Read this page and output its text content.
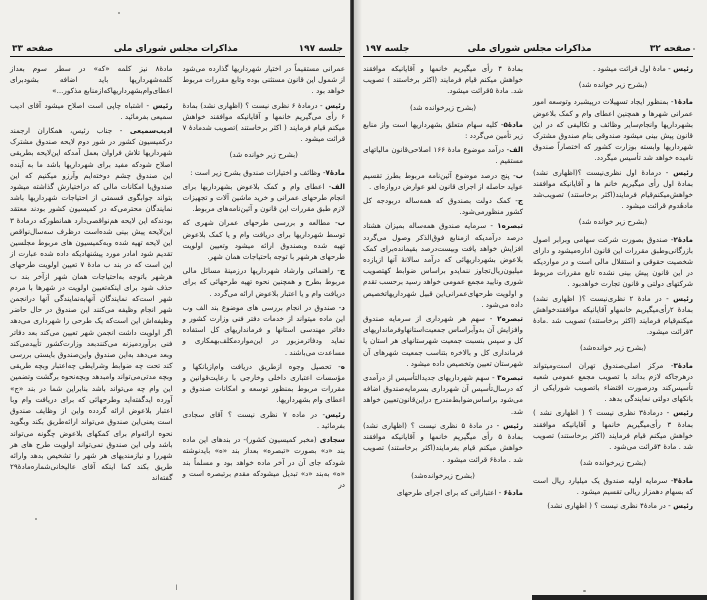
جلسه ۱۹۷
مذاکرات مجلس شورای ملی
صفحه ۳۳

عمرانی مستقیماً در اختیار شهرداریها گذارده می‌شود از شمول این قانون مستثنی بوده وتابع مقررات مربوط خواهد بود .

رئیس - درمادهٔ ۶ نظری نیست ؟ (اظهاری نشد) بمادهٔ ۶ رأی می‌گیریم خانمها و آقایانیکه موافقند خواهش میکنم قیام فرمایند ( اکثر برخاستند )تصویب شدمادهٔ ۷ قرائت میشود .

(بشرح زیر خوانده شد)

مادهٔ۷- وظائف و اختیارات صندوق بشرح زیر است :

الف- اعطای وام و کمک بلاعوض بشهرداریها برای انجام طرحهای عمرانی و خرید ماشین آلات و تجهیزات لازم طبق مقررات این قانون و آئین‌نامه‌های مربوط.

ب- مطالعه و بررسی طرحهای عمران شهری که توسط شهرداریها برای دریافت وام و یا کمک بلاعوض تهیه شده وبصندوق ارائه میشود وتعیین اولویت طرحهای هرشهر با توجه باحتیاجات همان شهر.

ج- راهنمائی وارشاد شهرداریها درزمینهٔ مسائل مالی مربوط بطرح و همچنین نحوه تهیه طرحهائی که برای دریافت وام و یا اعتبار بلاعوض ارائه می‌گردد .

د- صندوق در انجام بررسی های موضوع بند الف وب این ماده میتواند از خدمات دفتر فنی وزارت کشور و دفاتر مهندسی استانها و فرمانداریهای کل استفاده نماید ودفاترمزبور در این‌مواردمکلف‌بهمکاری و مساعدت می‌باشند .

ه- تحصیل وجوه ازطریق دریافت وام‌ازبانکها و مؤسسات اعتباری داخلی وخارجی با رعایت‌قوانین و مقررات مربوط بمنظور توسعه و امکانات صندوق و اعطای وام بشهرداریها.

رئیس- در ماده ۷ نظری نیست ؟ آقای سجادی بفرمائید .

سجادی (مخبر کمیسیون کشور)- در بندهای این ماده بند «د» بصورت «تبصره» بعداز بند «ه» بایدنوشته شودکه جای آن در آخر ماده خواهد بود و مسلماً بند «ه» به‌بند «د» تبدیل میشودکه مقدم برتبصره است و در

مادهٔ۸ نیز کلمه «که» در سطر سوم بعداز کلمه‌شهرداریها باید اضافه بشودبرای اعطای‌وام‌بشهرداریهاکه‌ازمنابع مذکور...»

رئیس - اشتباه چاپی است اصلاح میشود آقای ادیب سمیعی بفرمائید .

ادیب‌سمیعی - جناب رئیس، همکاران ارجمند درکمیسیون کشور در شور دوم لایحه صندوق مشترک شهرداریها تلاش فراوان بعمل آمدکه این‌لایحه بطریقی اصلاح شودکه مفید برای شهرداریها باشد ما به آینده این صندوق چشم دوخته‌ایم وآرزو میکنیم که این صندوق‌با امکانات مالی که دراختیارش گذاشته میشود بتواند جوابگوی قسمتی از احتیاجات شهرداریها باشد نمایندگان محترمی‌که در کمیسیون کشور بودند معتقد بودندکه این لایحه هم‌نواقصی‌دارد همانطورکه درمادهٔ ۳ این‌لایحه پیش بینی شده‌است درظرف سه‌سال‌نواقص این لایحه تهیه شده وبه‌کمیسیون های مربوط مجلسین تقدیم شود امادر مورد پیشنهادیکه داده شده عبارت از این است که در بند ب مادهٔ ۷ تعیین اولویت طرحهای هرشهر باتوجه به‌احتیاجات همان شهر ازآخر بند ب حذف شود برای اینکه‌تعیین اولویت در شهرها با مردم شهر است‌که نمایندگان آنهابه‌نمایندگی آنها درانجمن شهر انجام وظیفه می‌کنند این صندوق در حال حاضر وظیفه‌اش این است‌که یک طرحی را شهرداری می‌دهد اگر اولویت داشت انجمن شهر تعیین می‌کند بعد دفاتر فنی برآوردمیزنه می‌کنندبعد وزارت‌کشور تأییدمی‌کند وبعد می‌دهد به‌این صندوق واین‌صندوق بایستی بررسی کند تحت چه ضوابط وشرایطی چه‌اعتبار وبچه طریقی وبچه مدتی‌می‌تواند وامبدهد وبچه‌نحوه برگشت وتضمین این وام چه می‌تواند باشد بنابراین شما در بند «ج» آورده ایدگفته‌اید وطرحهائی که برای دریافت وام وبا اعتبار بلاعوض ارائه گردده واین از وظایف صندوق است یعنی‌این صندوق می‌تواند ارائه‌طریق بکند وبگوید نحوه ارائه‌وام برای کمکهای بلاعوض چگونه می‌تواند باشد ولی این صندوق نمی‌تواند اولویت طرح های هر شهررا و نیازمندیهای هر شهر را تشخیص بدهد وارائه طریق بکند کما اینکه آقای عالیخانی‌شماره‌مادهٔ۲۹ گفته‌اند

ا
صفحه ۳۲
مذاکرات مجلس شورای ملی
جلسه ۱۹۷

رئیس - مادهٔ اول قرائت میشود .

(بشرح زیر خوانده شد)

مادهٔ۱- بمنظور ایجاد تسهیلات درپیشبرد وتوسعه امور عمرانی شهرها و همچنین اعطای وام و کمک بلاعوض بشهرداریها وانجام‌سایر وظائف و تکالیفی که در این قانون پیش بینی میشود صندوقی بنام صندوق مشترک شهرداریها وابسته بوزارت کشور که اختصاراً صندوق نامیده خواهد شد تأسیس میگردد.

رئیس - درمادهٔ اول نظری‌نیست ؟(اظهاری نشد) بمادهٔ اول رأی میگیریم خانم ها و آقایانیکه موافقند خواهش‌میکنم‌قیام فرمایند(اکثر برخاستند) تصویب‌شد مادهٔدوم قرائت میشود .

(بشرح زیر خوانده شد)

مادهٔ۲- صندوق بصورت شرکت سهامی وبرابر اصول بازرگانی‌وطبق مقررات این قانون اداره‌میشود و دارای شخصیت حقوقی و استقلال مالی است و در مواردیکه در این قانون پیش بینی نشده تابع مقررات مربوط شرکتهای دولتی و قانون تجارت خواهدبود .

رئیس - در مادهٔ ۲ نظری‌نیست ؟( اظهاری نشد) بمادهٔ ۲رأی‌میگیریم خانمهاو آقایانیکه موافقندخواهش میکنم‌قیام فرمایند (اکثر برخاستند) تصویب شد .مادهٔ ۳قرائت میشود.

(بشرح زیر خوانده‌شد)

مادهٔ۳- مرکز اصلی‌صندوق تهران است‌ومیتواند درهرجاکه لازم بداند با تصویب مجمع عمومی شعبه تأسیس‌کند ودرصورت اقتضاء باتصویب شورایکی از بانکهای دولتی نمایندگی بدهد .

رئیس - درمادهٔ۳ نظری نیست ؟ ( اظهاری نشد ) بمادهٔ ۳ رأی‌میگیریم خانمها و آقایانیکه موافقند خواهش میکنم قیام فرمایند (اکثر برخاستند) تصویب شد . مادهٔ ۴قرائت می‌شود .

(بشرح زیرخوانده شد)

مادهٔ۴- سرمایه اولیه صندوق یک میلیارد ریال است که بسهام دهمزار ریالی تقسیم میشود .

رئیس - در مادهٔ۴ نظری نیست ؟ ( اظهاری نشد)

بمادهٔ ۴ رأی میگیریم خانمها و آقایانیکه موافقند خواهش میکنم قیام فرمایند (اکثر برخاستند ) تصویب شد. مادهٔ ۵قرائت میشود.

(بشرح زیرخوانده شد)

مادهٔ۵- کلیه سهام متعلق بشهرداریها است واز منابع زیر تأمین می‌گردد :

الف- درآمد موضوع مادهٔ ۱۶۶ اصلاحی‌قانون مالیاتهای مستقیم .

ب- پنج درصد موضوع آئین‌نامه مربوط بطرز تقسیم عواید حاصله از اجرای قانون لغو عوارض دروازه‌ای .

ج- کمک دولت بصندوق که همه‌ساله دربودجه کل کشور منظورمی‌شود.

تبصره۱ - سرمایه صندوق همه‌ساله بمیزان هشتاد درصد درآمدیکه ازمنابع فوق‌الذکر وصول می‌گردد افزایش خواهد یافت وبیست‌درصد بقیمانده‌برای کمک بلاعوض بشهرداریهائی که درآمد سالانهٔ آنها ازیازده میلیون‌ریال‌تجاوز ننماید‌و براساس ضوابط کهتصویب شوری ونایید مجمع عمومی خواهد رسید برحسب تقدم و اولویت طرحهای‌عمرانی‌این قبیل شهرداریهاتخصیص داده می‌شود .

تبصره۲ - سهم هر شهرداری از سرمایه صندوق وافزایش آن بدوآبراساس جمعیت‌استانهاوفرمانداریهای کل و سپس بنسبت جمعیت شهرستانهای هر استان یا فرمانداری کل و بالاخره بتناسب جمعیت شهرهای آن شهرستان تعیین وتخصیص داده میشود .

تبصره۳ - سهم شهرداریهای جدیدالتأسیس از درآمدی که درسال‌تأسیس آن شهرداری بسرمایه‌صندوق اضافه می‌شود براساس‌ضوابط‌مندرج دراین‌قانون‌تعیین خواهد شد.

رئیس - در مادهٔ ۵ نظری نیست ؟ (اظهاری نشد) بمادهٔ ۵ رأی میگیریم خانمها و آقایانیکه موافقند خواهش میکنم قیام بفرمایند(اکثر برخاستند) تصویب شد . مادهٔ۶ قرائت میشود .

(بشرح زیرخوانده‌شد)

مادهٔ۶ - اعتباراتی که برای اجرای طرحهای
